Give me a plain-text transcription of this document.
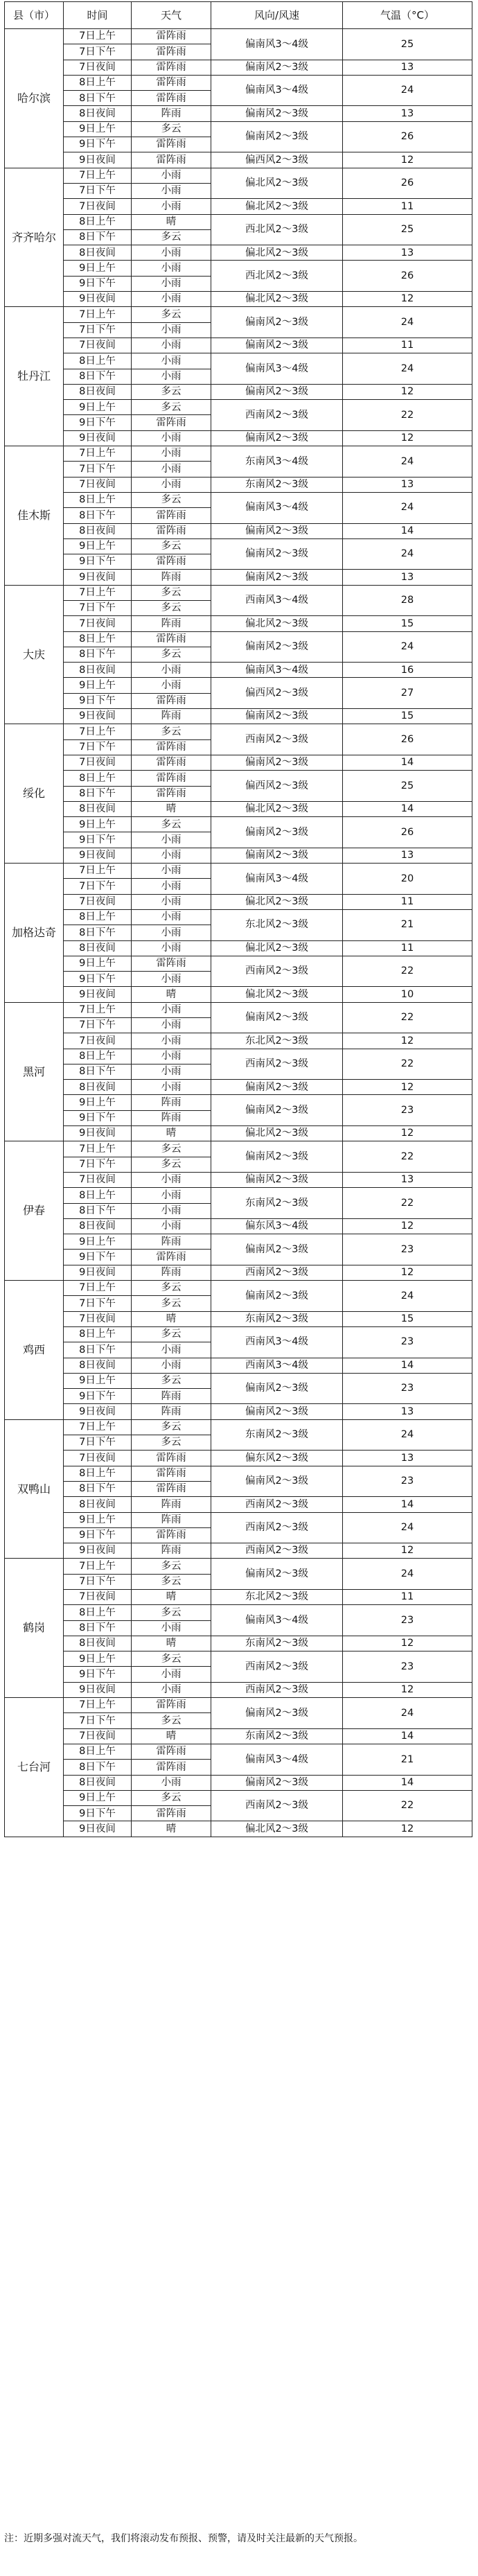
县（市）	时间	天气	风向/风速	气温（°C）
哈尔滨	7日上午	雷阵雨	偏南风3～4级	25
	7日下午	雷阵雨		
	7日夜间	雷阵雨	偏南风2～3级	13
	8日上午	雷阵雨	偏南风3～4级	24
	8日下午	雷阵雨		
	8日夜间	阵雨	偏南风2～3级	13
	9日上午	多云	偏南风2～3级	26
	9日下午	雷阵雨		
	9日夜间	雷阵雨	偏西风2～3级	12
齐齐哈尔	7日上午	小雨	偏北风2～3级	26
	7日下午	小雨		
	7日夜间	小雨	偏北风2～3级	11
	8日上午	晴	西北风2～3级	25
	8日下午	多云		
	8日夜间	小雨	偏北风2～3级	13
	9日上午	小雨	西北风2～3级	26
	9日下午	小雨		
	9日夜间	小雨	偏北风2～3级	12
牡丹江	7日上午	多云	偏南风2～3级	24
	7日下午	小雨		
	7日夜间	小雨	偏南风2～3级	11
	8日上午	小雨	偏南风3～4级	24
	8日下午	小雨		
	8日夜间	多云	偏南风2～3级	12
	9日上午	多云	西南风2～3级	22
	9日下午	雷阵雨		
	9日夜间	小雨	偏南风2～3级	12
佳木斯	7日上午	小雨	东南风3～4级	24
	7日下午	小雨		
	7日夜间	小雨	东南风2～3级	13
	8日上午	多云	偏南风3～4级	24
	8日下午	雷阵雨		
	8日夜间	雷阵雨	偏南风2～3级	14
	9日上午	多云	偏南风2～3级	24
	9日下午	雷阵雨		
	9日夜间	阵雨	偏南风2～3级	13
大庆	7日上午	多云	西南风3～4级	28
	7日下午	多云		
	7日夜间	阵雨	偏北风2～3级	15
	8日上午	雷阵雨	偏南风2～3级	24
	8日下午	多云		
	8日夜间	小雨	偏南风3～4级	16
	9日上午	小雨	偏西风2～3级	27
	9日下午	雷阵雨		
	9日夜间	阵雨	偏南风2～3级	15
绥化	7日上午	多云	西南风2～3级	26
	7日下午	雷阵雨		
	7日夜间	雷阵雨	偏南风2～3级	14
	8日上午	雷阵雨	偏西风2～3级	25
	8日下午	雷阵雨		
	8日夜间	晴	偏北风2～3级	14
	9日上午	多云	偏南风2～3级	26
	9日下午	小雨		
	9日夜间	小雨	偏南风2～3级	13
加格达奇	7日上午	小雨	偏南风3～4级	20
	7日下午	小雨		
	7日夜间	小雨	偏北风2～3级	11
	8日上午	小雨	东北风2～3级	21
	8日下午	小雨		
	8日夜间	小雨	偏北风2～3级	11
	9日上午	雷阵雨	西南风2～3级	22
	9日下午	小雨		
	9日夜间	晴	偏北风2～3级	10
黑河	7日上午	小雨	偏南风2～3级	22
	7日下午	小雨		
	7日夜间	小雨	东北风2～3级	12
	8日上午	小雨	西南风2～3级	22
	8日下午	小雨		
	8日夜间	小雨	偏南风2～3级	12
	9日上午	阵雨	偏南风2～3级	23
	9日下午	阵雨		
	9日夜间	晴	偏北风2～3级	12
伊春	7日上午	多云	偏南风2～3级	22
	7日下午	多云		
	7日夜间	小雨	偏南风2～3级	13
	8日上午	小雨	东南风2～3级	22
	8日下午	小雨		
	8日夜间	小雨	偏东风3～4级	12
	9日上午	阵雨	偏南风2～3级	23
	9日下午	雷阵雨		
	9日夜间	阵雨	西南风2～3级	12
鸡西	7日上午	多云	偏南风2～3级	24
	7日下午	多云		
	7日夜间	晴	东南风2～3级	15
	8日上午	多云	西南风3～4级	23
	8日下午	小雨		
	8日夜间	小雨	西南风3～4级	14
	9日上午	多云	偏南风2～3级	23
	9日下午	阵雨		
	9日夜间	阵雨	偏南风2～3级	13
双鸭山	7日上午	多云	东南风2～3级	24
	7日下午	多云		
	7日夜间	雷阵雨	偏东风2～3级	13
	8日上午	雷阵雨	偏南风2～3级	23
	8日下午	雷阵雨		
	8日夜间	阵雨	西南风2～3级	14
	9日上午	阵雨	西南风2～3级	24
	9日下午	雷阵雨		
	9日夜间	阵雨	西南风2～3级	12
鹤岗	7日上午	多云	偏南风2～3级	24
	7日下午	多云		
	7日夜间	晴	东北风2～3级	11
	8日上午	多云	偏南风3～4级	23
	8日下午	小雨		
	8日夜间	晴	东南风2～3级	12
	9日上午	多云	西南风2～3级	23
	9日下午	小雨		
	9日夜间	小雨	西南风2～3级	12
七台河	7日上午	雷阵雨	偏南风2～3级	24
	7日下午	多云		
	7日夜间	晴	东南风2～3级	14
	8日上午	雷阵雨	偏南风3～4级	21
	8日下午	雷阵雨		
	8日夜间	小雨	偏南风2～3级	14
	9日上午	多云	西南风2～3级	22
	9日下午	雷阵雨		
	9日夜间	晴	偏北风2～3级	12
注：近期多强对流天气，我们将滚动发布预报、预警，请及时关注最新的天气预报。
